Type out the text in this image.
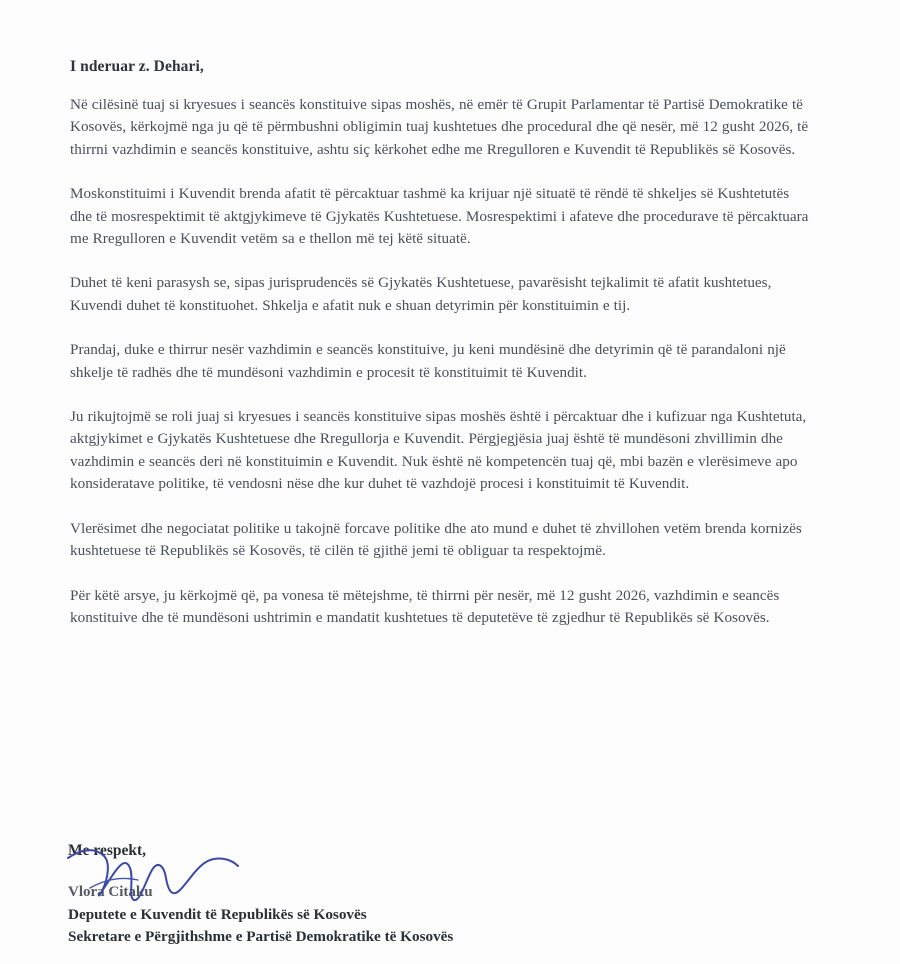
I nderuar z. Dehari,

Në cilësinë tuaj si kryesues i seancës konstituive sipas moshës, në emër të Grupit Parlamentar të Partisë Demokratike të Kosovës, kërkojmë nga ju që të përmbushni obligimin tuaj kushtetues dhe procedural dhe që nesër, më 12 gusht 2026, të thirrni vazhdimin e seancës konstituive, ashtu siç kërkohet edhe me Rregulloren e Kuvendit të Republikës së Kosovës.

Moskonstituimi i Kuvendit brenda afatit të përcaktuar tashmë ka krijuar një situatë të rëndë të shkeljes së Kushtetutës dhe të mosrespektimit të aktgjykimeve të Gjykatës Kushtetuese. Mosrespektimi i afateve dhe procedurave të përcaktuara me Rregulloren e Kuvendit vetëm sa e thellon më tej këtë situatë.

Duhet të keni parasysh se, sipas jurisprudencës së Gjykatës Kushtetuese, pavarësisht tejkalimit të afatit kushtetues, Kuvendi duhet të konstituohet. Shkelja e afatit nuk e shuan detyrimin për konstituimin e tij.

Prandaj, duke e thirrur nesër vazhdimin e seancës konstituive, ju keni mundësinë dhe detyrimin që të parandaloni një shkelje të radhës dhe të mundësoni vazhdimin e procesit të konstituimit të Kuvendit.

Ju rikujtojmë se roli juaj si kryesues i seancës konstituive sipas moshës është i përcaktuar dhe i kufizuar nga Kushtetuta, aktgjykimet e Gjykatës Kushtetuese dhe Rregullorja e Kuvendit. Përgjegjësia juaj është të mundësoni zhvillimin dhe vazhdimin e seancës deri në konstituimin e Kuvendit. Nuk është në kompetencën tuaj që, mbi bazën e vlerësimeve apo konsideratave politike, të vendosni nëse dhe kur duhet të vazhdojë procesi i konstituimit të Kuvendit.

Vlerësimet dhe negociatat politike u takojnë forcave politike dhe ato mund e duhet të zhvillohen vetëm brenda kornizës kushtetuese të Republikës së Kosovës, të cilën të gjithë jemi të obliguar ta respektojmë.

Për këtë arsye, ju kërkojmë që, pa vonesa të mëtejshme, të thirrni për nesër, më 12 gusht 2026, vazhdimin e seancës konstituive dhe të mundësoni ushtrimin e mandatit kushtetues të deputetëve të zgjedhur të Republikës së Kosovës.

Me respekt,
Vlora Citaku
Deputete e Kuvendit të Republikës së Kosovës
Sekretare e Përgjithshme e Partisë Demokratike të Kosovës
